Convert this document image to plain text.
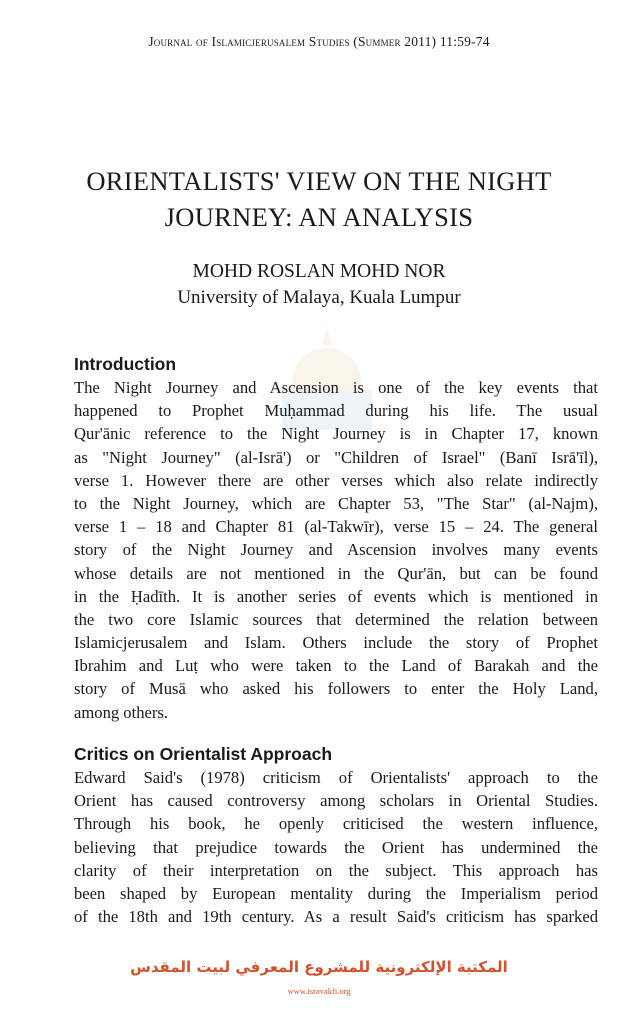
Journal of Islamicjerusalem Studies (Summer 2011) 11:59-74
ORIENTALISTS' VIEW ON THE NIGHT
JOURNEY: AN ANALYSIS
MOHD ROSLAN MOHD NOR
University of Malaya, Kuala Lumpur
Introduction
The Night Journey and Ascension is one of the key events that
happened to Prophet Muḥammad during his life. The usual
Qur'ānic reference to the Night Journey is in Chapter 17, known
as "Night Journey" (al-Isrā') or "Children of Israel" (Banī Isrā'īl),
verse 1. However there are other verses which also relate indirectly
to the Night Journey, which are Chapter 53, "The Star" (al-Najm),
verse 1 – 18 and Chapter 81 (al-Takwīr), verse 15 – 24. The general
story of the Night Journey and Ascension involves many events
whose details are not mentioned in the Qur'ān, but can be found
in the Ḥadīth. It is another series of events which is mentioned in
the two core Islamic sources that determined the relation between
Islamicjerusalem and Islam. Others include the story of Prophet
Ibrahim and Luṭ who were taken to the Land of Barakah and the
story of Musā who asked his followers to enter the Holy Land,
among others.
Critics on Orientalist Approach
Edward Said's (1978) criticism of Orientalists' approach to the
Orient has caused controversy among scholars in Oriental Studies.
Through his book, he openly criticised the western influence,
believing that prejudice towards the Orient has undermined the
clarity of their interpretation on the subject. This approach has
been shaped by European mentality during the Imperialism period
of the 18th and 19th century. As a result Said's criticism has sparked
المكتبة الإلكترونية للمشروع المعرفي لبيت المقدس
www.isravakfi.org
